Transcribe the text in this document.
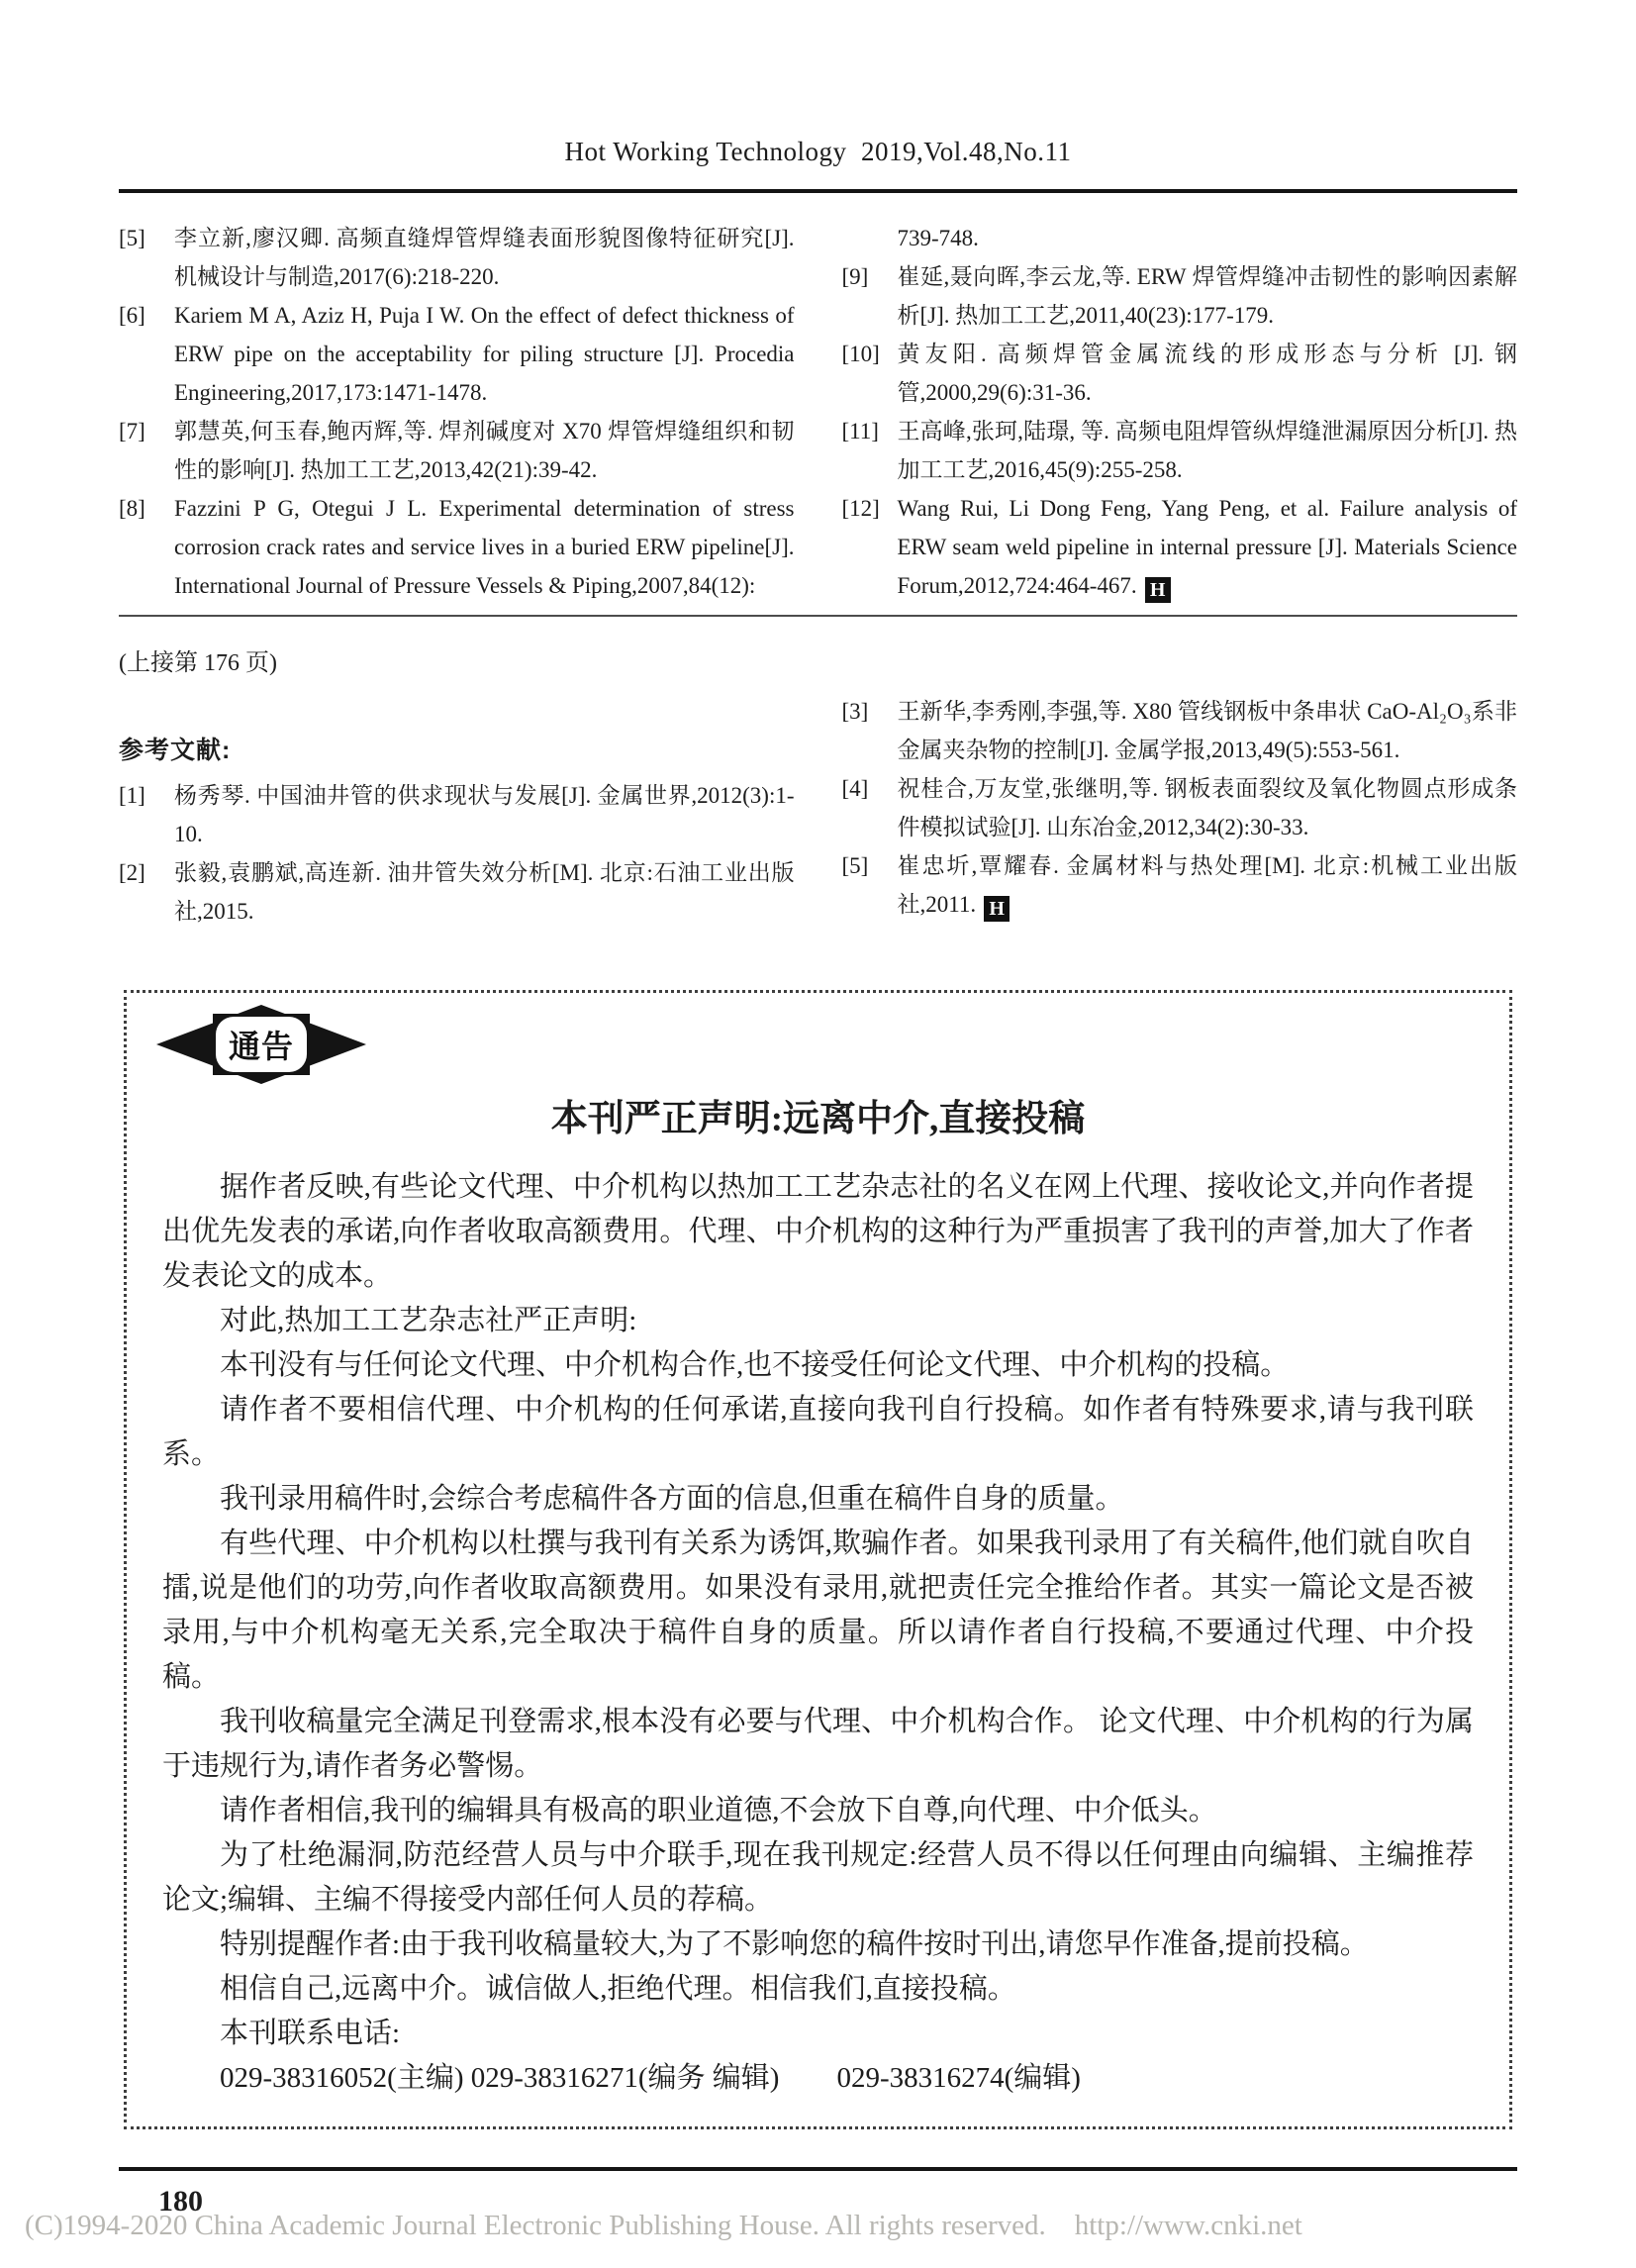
Hot Working Technology  2019,Vol.48,No.11
[5]	李立新,廖汉卿. 高频直缝焊管焊缝表面形貌图像特征研究[J]. 机械设计与制造,2017(6):218-220.
[6]	Kariem M A, Aziz H, Puja I W. On the effect of defect thickness of ERW pipe on the acceptability for piling structure [J]. Procedia Engineering,2017,173:1471-1478.
[7]	郭慧英,何玉春,鲍丙辉,等. 焊剂碱度对 X70 焊管焊缝组织和韧性的影响[J]. 热加工工艺,2013,42(21):39-42.
[8]	Fazzini P G, Otegui J L. Experimental determination of stress corrosion crack rates and service lives in a buried ERW pipeline[J]. International Journal of Pressure Vessels & Piping,2007,84(12):
739-748.
[9]	崔延,聂向晖,李云龙,等. ERW 焊管焊缝冲击韧性的影响因素解析[J]. 热加工工艺,2011,40(23):177-179.
[10] 黄友阳. 高频焊管金属流线的形成形态与分析 [J]. 钢管,2000,29(6):31-36.
[11] 王高峰,张珂,陆璟, 等. 高频电阻焊管纵焊缝泄漏原因分析[J]. 热加工工艺,2016,45(9):255-258.
[12] Wang Rui, Li Dong Feng, Yang Peng, et al. Failure analysis of ERW seam weld pipeline in internal pressure [J]. Materials Science Forum,2012,724:464-467. H
(上接第 176 页)
参考文献:
[1]	杨秀琴. 中国油井管的供求现状与发展[J]. 金属世界,2012(3):1-10.
[2]	张毅,袁鹏斌,高连新. 油井管失效分析[M]. 北京:石油工业出版社,2015.
[3]	王新华,李秀刚,李强,等. X80 管线钢板中条串状 CaO-Al₂O₃系非金属夹杂物的控制[J]. 金属学报,2013,49(5):553-561.
[4]	祝桂合,万友堂,张继明,等. 钢板表面裂纹及氧化物圆点形成条件模拟试验[J]. 山东冶金,2012,34(2):30-33.
[5]	崔忠圻,覃耀春. 金属材料与热处理[M]. 北京:机械工业出版社,2011. H
通告
本刊严正声明:远离中介,直接投稿

据作者反映,有些论文代理、中介机构以热加工工艺杂志社的名义在网上代理、接收论文,并向作者提出优先发表的承诺,向作者收取高额费用。代理、中介机构的这种行为严重损害了我刊的声誉,加大了作者发表论文的成本。

对此,热加工工艺杂志社严正声明:

本刊没有与任何论文代理、中介机构合作,也不接受任何论文代理、中介机构的投稿。

请作者不要相信代理、中介机构的任何承诺,直接向我刊自行投稿。如作者有特殊要求,请与我刊联系。

我刊录用稿件时,会综合考虑稿件各方面的信息,但重在稿件自身的质量。

有些代理、中介机构以杜撰与我刊有关系为诱饵,欺骗作者。如果我刊录用了有关稿件,他们就自吹自擂,说是他们的功劳,向作者收取高额费用。如果没有录用,就把责任完全推给作者。其实一篇论文是否被录用,与中介机构毫无关系,完全取决于稿件自身的质量。所以请作者自行投稿,不要通过代理、中介投稿。

我刊收稿量完全满足刊登需求,根本没有必要与代理、中介机构合作。 论文代理、中介机构的行为属于违规行为,请作者务必警惕。

请作者相信,我刊的编辑具有极高的职业道德,不会放下自尊,向代理、中介低头。

为了杜绝漏洞,防范经营人员与中介联手,现在我刊规定:经营人员不得以任何理由向编辑、主编推荐论文;编辑、主编不得接受内部任何人员的荐稿。

特别提醒作者:由于我刊收稿量较大,为了不影响您的稿件按时刊出,请您早作准备,提前投稿。

相信自己,远离中介。诚信做人,拒绝代理。相信我们,直接投稿。

本刊联系电话:

029-38316052(主编) 029-38316271(编务 编辑)        029-38316274(编辑)

180
(C)1994-2020 China Academic Journal Electronic Publishing House. All rights reserved.    http://www.cnki.net
